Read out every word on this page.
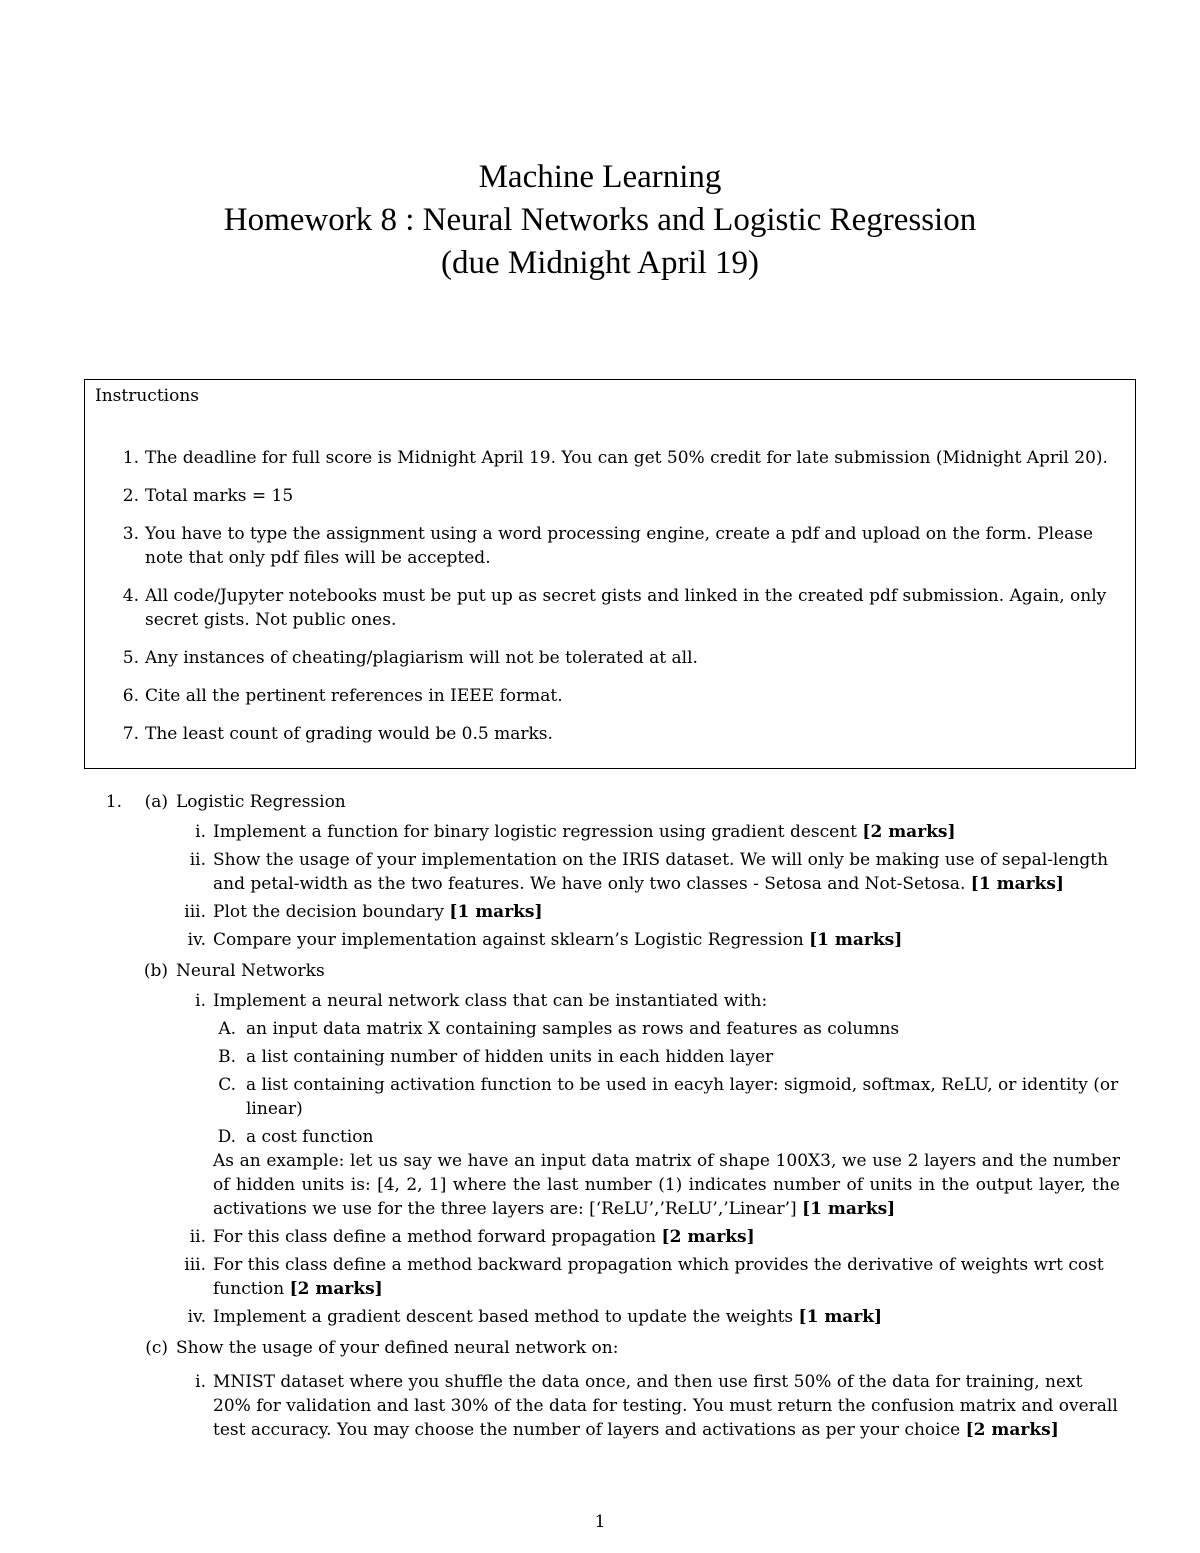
Machine Learning
Homework 8 : Neural Networks and Logistic Regression
(due Midnight April 19)
Instructions
1. The deadline for full score is Midnight April 19. You can get 50% credit for late submission (Midnight April 20).
2. Total marks = 15
3. You have to type the assignment using a word processing engine, create a pdf and upload on the form. Please note that only pdf files will be accepted.
4. All code/Jupyter notebooks must be put up as secret gists and linked in the created pdf submission. Again, only secret gists. Not public ones.
5. Any instances of cheating/plagiarism will not be tolerated at all.
6. Cite all the pertinent references in IEEE format.
7. The least count of grading would be 0.5 marks.
1.	(a) Logistic Regression
i. Implement a function for binary logistic regression using gradient descent [2 marks]
ii. Show the usage of your implementation on the IRIS dataset. We will only be making use of sepal-length and petal-width as the two features. We have only two classes - Setosa and Not-Setosa. [1 marks]
iii. Plot the decision boundary [1 marks]
iv. Compare your implementation against sklearn’s Logistic Regression [1 marks]
(b) Neural Networks
i. Implement a neural network class that can be instantiated with:
A. an input data matrix X containing samples as rows and features as columns
B. a list containing number of hidden units in each hidden layer
C. a list containing activation function to be used in eacyh layer: sigmoid, softmax, ReLU, or identity (or linear)
D. a cost function
As an example: let us say we have an input data matrix of shape 100X3, we use 2 layers and the number of hidden units is: [4, 2, 1] where the last number (1) indicates number of units in the output layer, the activations we use for the three layers are: [‘ReLU’,’ReLU’,’Linear’] [1 marks]
ii. For this class define a method forward propagation [2 marks]
iii. For this class define a method backward propagation which provides the derivative of weights wrt cost function [2 marks]
iv. Implement a gradient descent based method to update the weights [1 mark]
(c) Show the usage of your defined neural network on:
i. MNIST dataset where you shuffle the data once, and then use first 50% of the data for training, next 20% for validation and last 30% of the data for testing. You must return the confusion matrix and overall test accuracy. You may choose the number of layers and activations as per your choice [2 marks]
1
